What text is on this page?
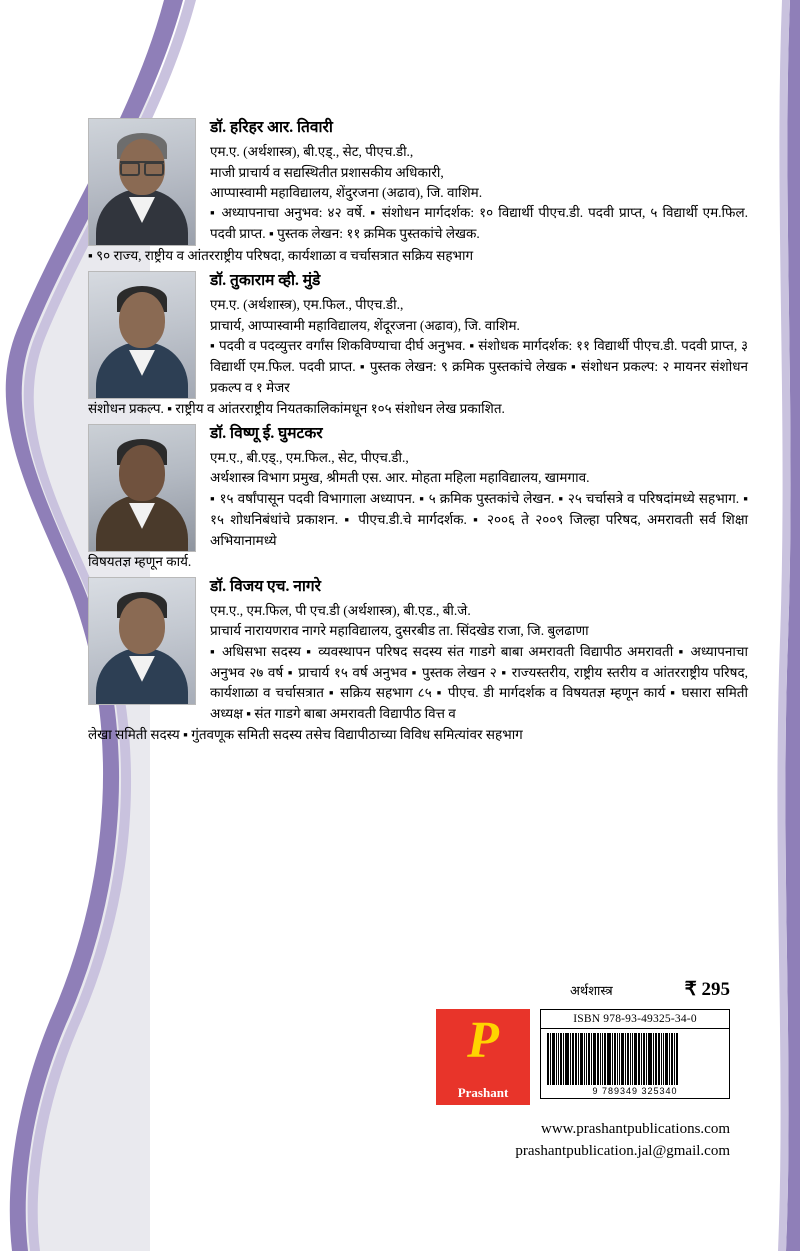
डॉ. हरिहर आर. तिवारी
एम.ए. (अर्थशास्त्र), बी.एड्., सेट, पीएच.डी.,
माजी प्राचार्य व सद्यस्थितीत प्रशासकीय अधिकारी,
आप्पास्वामी महाविद्यालय, शेंदुरजना (अढाव), जि. वाशिम.
▪ अध्यापनाचा अनुभव: ४२ वर्षे. ▪ संशोधन मार्गदर्शक: १० विद्यार्थी पीएच.डी. पदवी प्राप्त, ५ विद्यार्थी एम.फिल. पदवी प्राप्त. ▪ पुस्तक लेखन: ११ क्रमिक पुस्तकांचे लेखक.
▪ ९० राज्य, राष्ट्रीय व आंतरराष्ट्रीय परिषदा, कार्यशाळा व चर्चासत्रात सक्रिय सहभाग
डॉ. तुकाराम व्ही. मुंडे
एम.ए. (अर्थशास्त्र), एम.फिल., पीएच.डी.,
प्राचार्य, आप्पास्वामी महाविद्यालय, शेंदूरजना (अढाव), जि. वाशिम.
▪ पदवी व पदव्युत्तर वर्गांस शिकविण्याचा दीर्घ अनुभव. ▪ संशोधक मार्गदर्शक: ११ विद्यार्थी पीएच.डी. पदवी प्राप्त, ३ विद्यार्थी एम.फिल. पदवी प्राप्त. ▪ पुस्तक लेखन: ९ क्रमिक पुस्तकांचे लेखक ▪ संशोधन प्रकल्प: २ मायनर संशोधन प्रकल्प व १ मेजर
संशोधन प्रकल्प. ▪ राष्ट्रीय व आंतरराष्ट्रीय नियतकालिकांमधून १०५ संशोधन लेख प्रकाशित.
डॉ. विष्णू ई. घुमटकर
एम.ए., बी.एड्., एम.फिल., सेट, पीएच.डी.,
अर्थशास्त्र विभाग प्रमुख, श्रीमती एस. आर. मोहता महिला महाविद्यालय, खामगाव.
▪ १५ वर्षांपासून पदवी विभागाला अध्यापन. ▪ ५ क्रमिक पुस्तकांचे लेखन. ▪ २५ चर्चासत्रे व परिषदांमध्ये सहभाग. ▪ १५ शोधनिबंधांचे प्रकाशन. ▪ पीएच.डी.चे मार्गदर्शक. ▪ २००६ ते २००९ जिल्हा परिषद, अमरावती सर्व शिक्षा अभियानामध्ये
विषयतज्ञ म्हणून कार्य.
डॉ. विजय एच. नागरे
एम.ए., एम.फिल, पी एच.डी (अर्थशास्त्र), बी.एड., बी.जे.
प्राचार्य नारायणराव नागरे महाविद्यालय, दुसरबीड ता. सिंदखेड राजा, जि. बुलढाणा
▪ अधिसभा सदस्य ▪ व्यवस्थापन परिषद सदस्य संत गाडगे बाबा अमरावती विद्यापीठ अमरावती ▪ अध्यापनाचा अनुभव २७ वर्ष ▪ प्राचार्य १५ वर्ष अनुभव ▪ पुस्तक लेखन २ ▪ राज्यस्तरीय, राष्ट्रीय स्तरीय व आंतरराष्ट्रीय परिषद, कार्यशाळा व चर्चासत्रात ▪ सक्रिय सहभाग ८५ ▪ पीएच. डी मार्गदर्शक व विषयतज्ञ म्हणून कार्य ▪ घसारा समिती अध्यक्ष ▪ संत गाडगे बाबा अमरावती विद्यापीठ वित्त व
लेखा समिती सदस्य ▪ गुंतवणूक समिती सदस्य तसेच विद्यापीठाच्या विविध समित्यांवर सहभाग
अर्थशास्त्र	₹ 295
P
Prashant
ISBN 978-93-49325-34-0
9 789349 325340
www.prashantpublications.com
prashantpublication.jal@gmail.com
